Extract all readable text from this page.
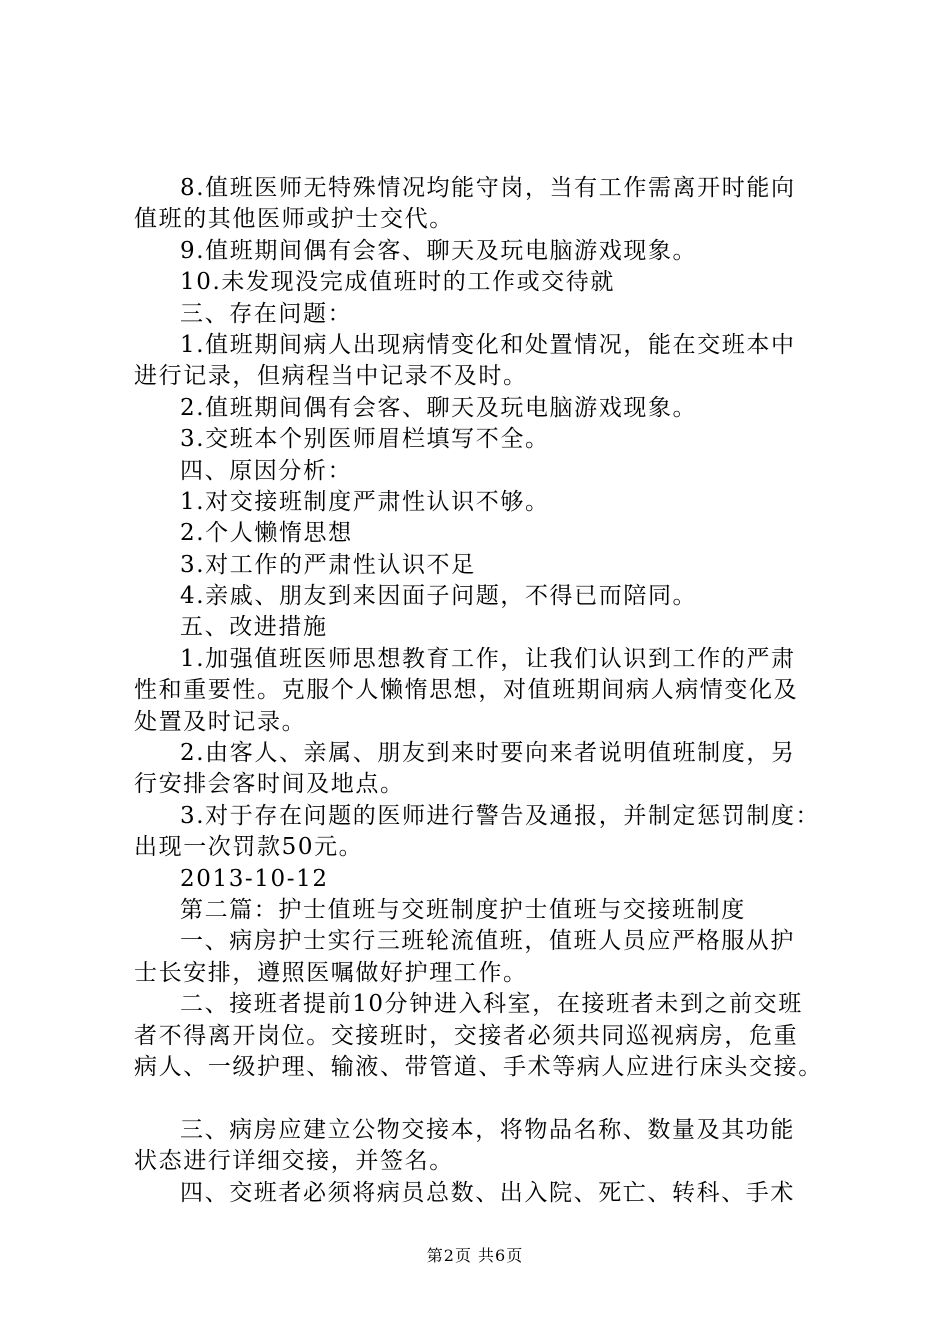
8.值班医师无特殊情况均能守岗，当有工作需离开时能向
值班的其他医师或护士交代。
9.值班期间偶有会客、聊天及玩电脑游戏现象。
10.未发现没完成值班时的工作或交待就
三、存在问题：
1.值班期间病人出现病情变化和处置情况，能在交班本中
进行记录，但病程当中记录不及时。
2.值班期间偶有会客、聊天及玩电脑游戏现象。
3.交班本个别医师眉栏填写不全。
四、原因分析：
1.对交接班制度严肃性认识不够。
2.个人懒惰思想
3.对工作的严肃性认识不足
4.亲戚、朋友到来因面子问题，不得已而陪同。
五、改进措施
1.加强值班医师思想教育工作，让我们认识到工作的严肃
性和重要性。克服个人懒惰思想，对值班期间病人病情变化及
处置及时记录。
2.由客人、亲属、朋友到来时要向来者说明值班制度，另
行安排会客时间及地点。
3.对于存在问题的医师进行警告及通报，并制定惩罚制度：
出现一次罚款50元。
2013-10-12
第二篇：护士值班与交班制度护士值班与交接班制度
一、病房护士实行三班轮流值班，值班人员应严格服从护
士长安排，遵照医嘱做好护理工作。
二、接班者提前10分钟进入科室，在接班者未到之前交班
者不得离开岗位。交接班时，交接者必须共同巡视病房，危重
病人、一级护理、输液、带管道、手术等病人应进行床头交接。
三、病房应建立公物交接本，将物品名称、数量及其功能
状态进行详细交接，并签名。
四、交班者必须将病员总数、出入院、死亡、转科、手术
第2页 共6页
